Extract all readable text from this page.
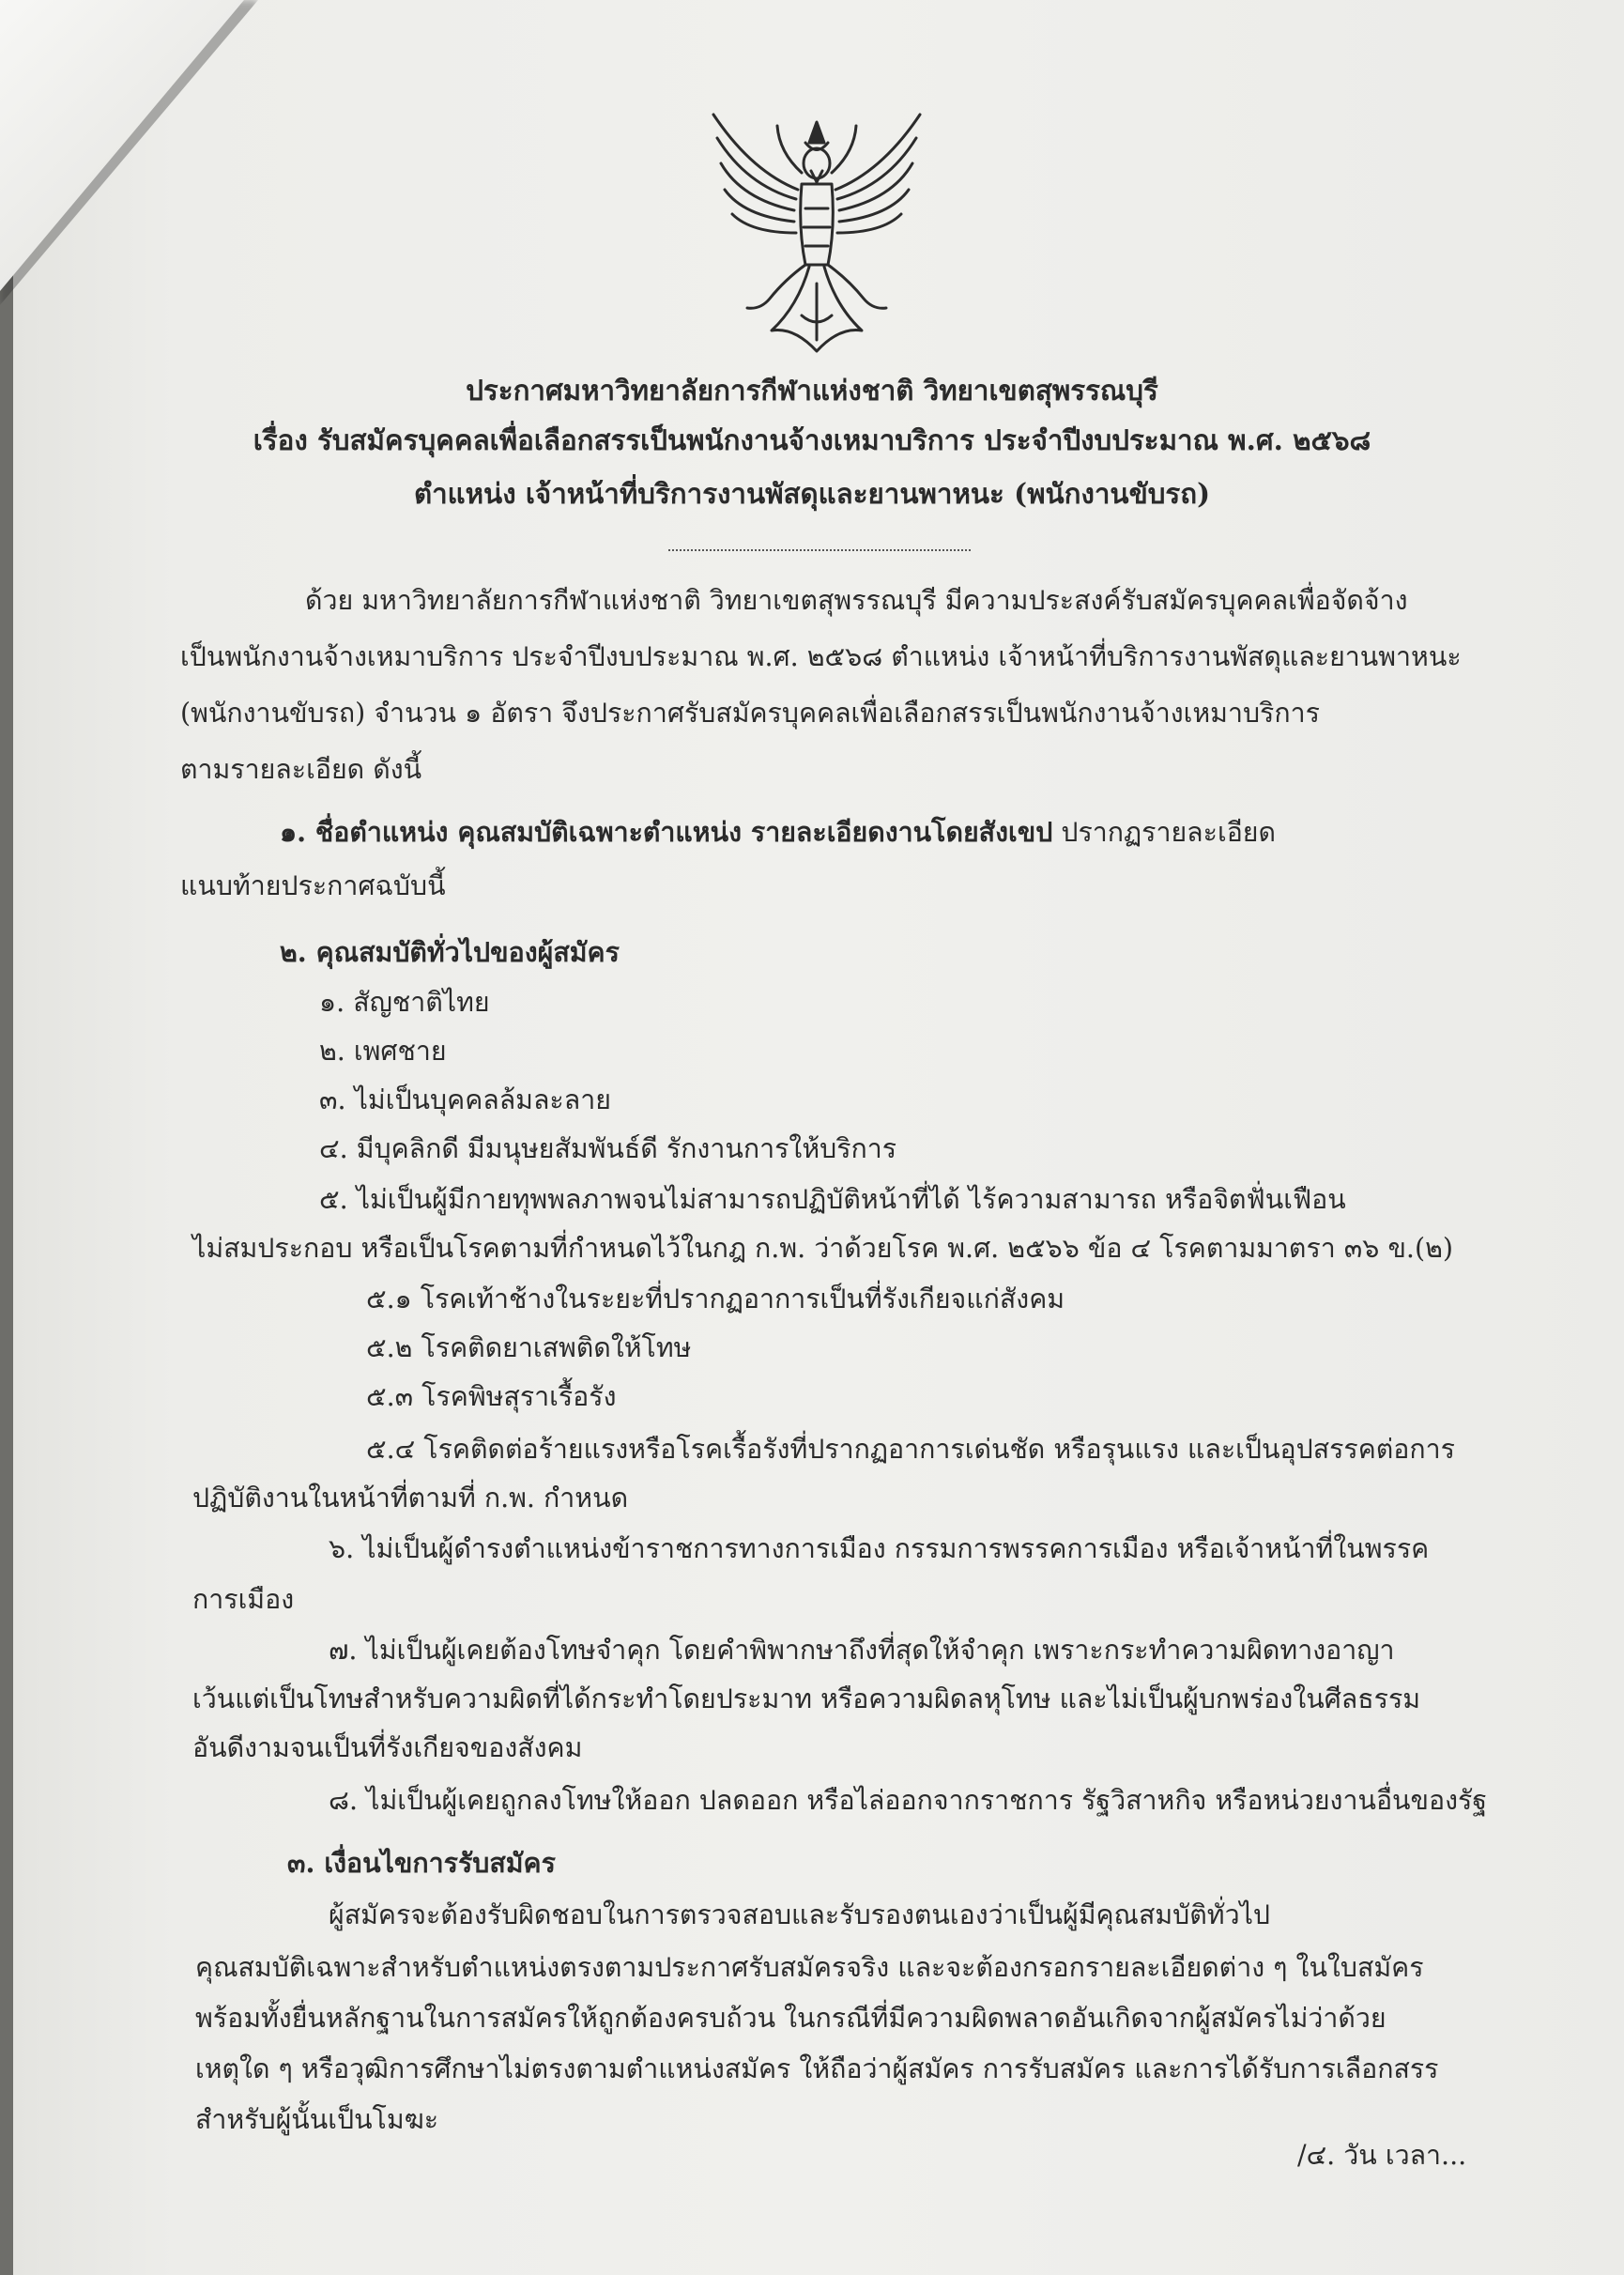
ประกาศมหาวิทยาลัยการกีฬาแห่งชาติ วิทยาเขตสุพรรณบุรี
เรื่อง รับสมัครบุคคลเพื่อเลือกสรรเป็นพนักงานจ้างเหมาบริการ ประจำปีงบประมาณ พ.ศ. ๒๕๖๘
ตำแหน่ง เจ้าหน้าที่บริการงานพัสดุและยานพาหนะ (พนักงานขับรถ)
ด้วย มหาวิทยาลัยการกีฬาแห่งชาติ วิทยาเขตสุพรรณบุรี มีความประสงค์รับสมัครบุคคลเพื่อจัดจ้าง
เป็นพนักงานจ้างเหมาบริการ ประจำปีงบประมาณ พ.ศ. ๒๕๖๘ ตำแหน่ง เจ้าหน้าที่บริการงานพัสดุและยานพาหนะ
(พนักงานขับรถ) จำนวน ๑ อัตรา จึงประกาศรับสมัครบุคคลเพื่อเลือกสรรเป็นพนักงานจ้างเหมาบริการ
ตามรายละเอียด ดังนี้
๑. ชื่อตำแหน่ง คุณสมบัติเฉพาะตำแหน่ง รายละเอียดงานโดยสังเขป ปรากฏรายละเอียด
แนบท้ายประกาศฉบับนี้
๒. คุณสมบัติทั่วไปของผู้สมัคร
๑. สัญชาติไทย
๒. เพศชาย
๓. ไม่เป็นบุคคลล้มละลาย
๔. มีบุคลิกดี มีมนุษยสัมพันธ์ดี รักงานการให้บริการ
๕. ไม่เป็นผู้มีกายทุพพลภาพจนไม่สามารถปฏิบัติหน้าที่ได้ ไร้ความสามารถ หรือจิตฟั่นเฟือน
ไม่สมประกอบ หรือเป็นโรคตามที่กำหนดไว้ในกฎ ก.พ. ว่าด้วยโรค พ.ศ. ๒๕๖๖ ข้อ ๔ โรคตามมาตรา ๓๖ ข.(๒)
๕.๑ โรคเท้าช้างในระยะที่ปรากฏอาการเป็นที่รังเกียจแก่สังคม
๕.๒ โรคติดยาเสพติดให้โทษ
๕.๓ โรคพิษสุราเรื้อรัง
๕.๔ โรคติดต่อร้ายแรงหรือโรคเรื้อรังที่ปรากฏอาการเด่นชัด หรือรุนแรง และเป็นอุปสรรคต่อการ
ปฏิบัติงานในหน้าที่ตามที่ ก.พ. กำหนด
๖. ไม่เป็นผู้ดำรงตำแหน่งข้าราชการทางการเมือง กรรมการพรรคการเมือง หรือเจ้าหน้าที่ในพรรค
การเมือง
๗. ไม่เป็นผู้เคยต้องโทษจำคุก โดยคำพิพากษาถึงที่สุดให้จำคุก เพราะกระทำความผิดทางอาญา
เว้นแต่เป็นโทษสำหรับความผิดที่ได้กระทำโดยประมาท หรือความผิดลหุโทษ และไม่เป็นผู้บกพร่องในศีลธรรม
อันดีงามจนเป็นที่รังเกียจของสังคม
๘. ไม่เป็นผู้เคยถูกลงโทษให้ออก ปลดออก หรือไล่ออกจากราชการ รัฐวิสาหกิจ หรือหน่วยงานอื่นของรัฐ
๓. เงื่อนไขการรับสมัคร
ผู้สมัครจะต้องรับผิดชอบในการตรวจสอบและรับรองตนเองว่าเป็นผู้มีคุณสมบัติทั่วไป
คุณสมบัติเฉพาะสำหรับตำแหน่งตรงตามประกาศรับสมัครจริง และจะต้องกรอกรายละเอียดต่าง ๆ ในใบสมัคร
พร้อมทั้งยื่นหลักฐานในการสมัครให้ถูกต้องครบถ้วน ในกรณีที่มีความผิดพลาดอันเกิดจากผู้สมัครไม่ว่าด้วย
เหตุใด ๆ หรือวุฒิการศึกษาไม่ตรงตามตำแหน่งสมัคร ให้ถือว่าผู้สมัคร การรับสมัคร และการได้รับการเลือกสรร
สำหรับผู้นั้นเป็นโมฆะ
/๔. วัน เวลา...
